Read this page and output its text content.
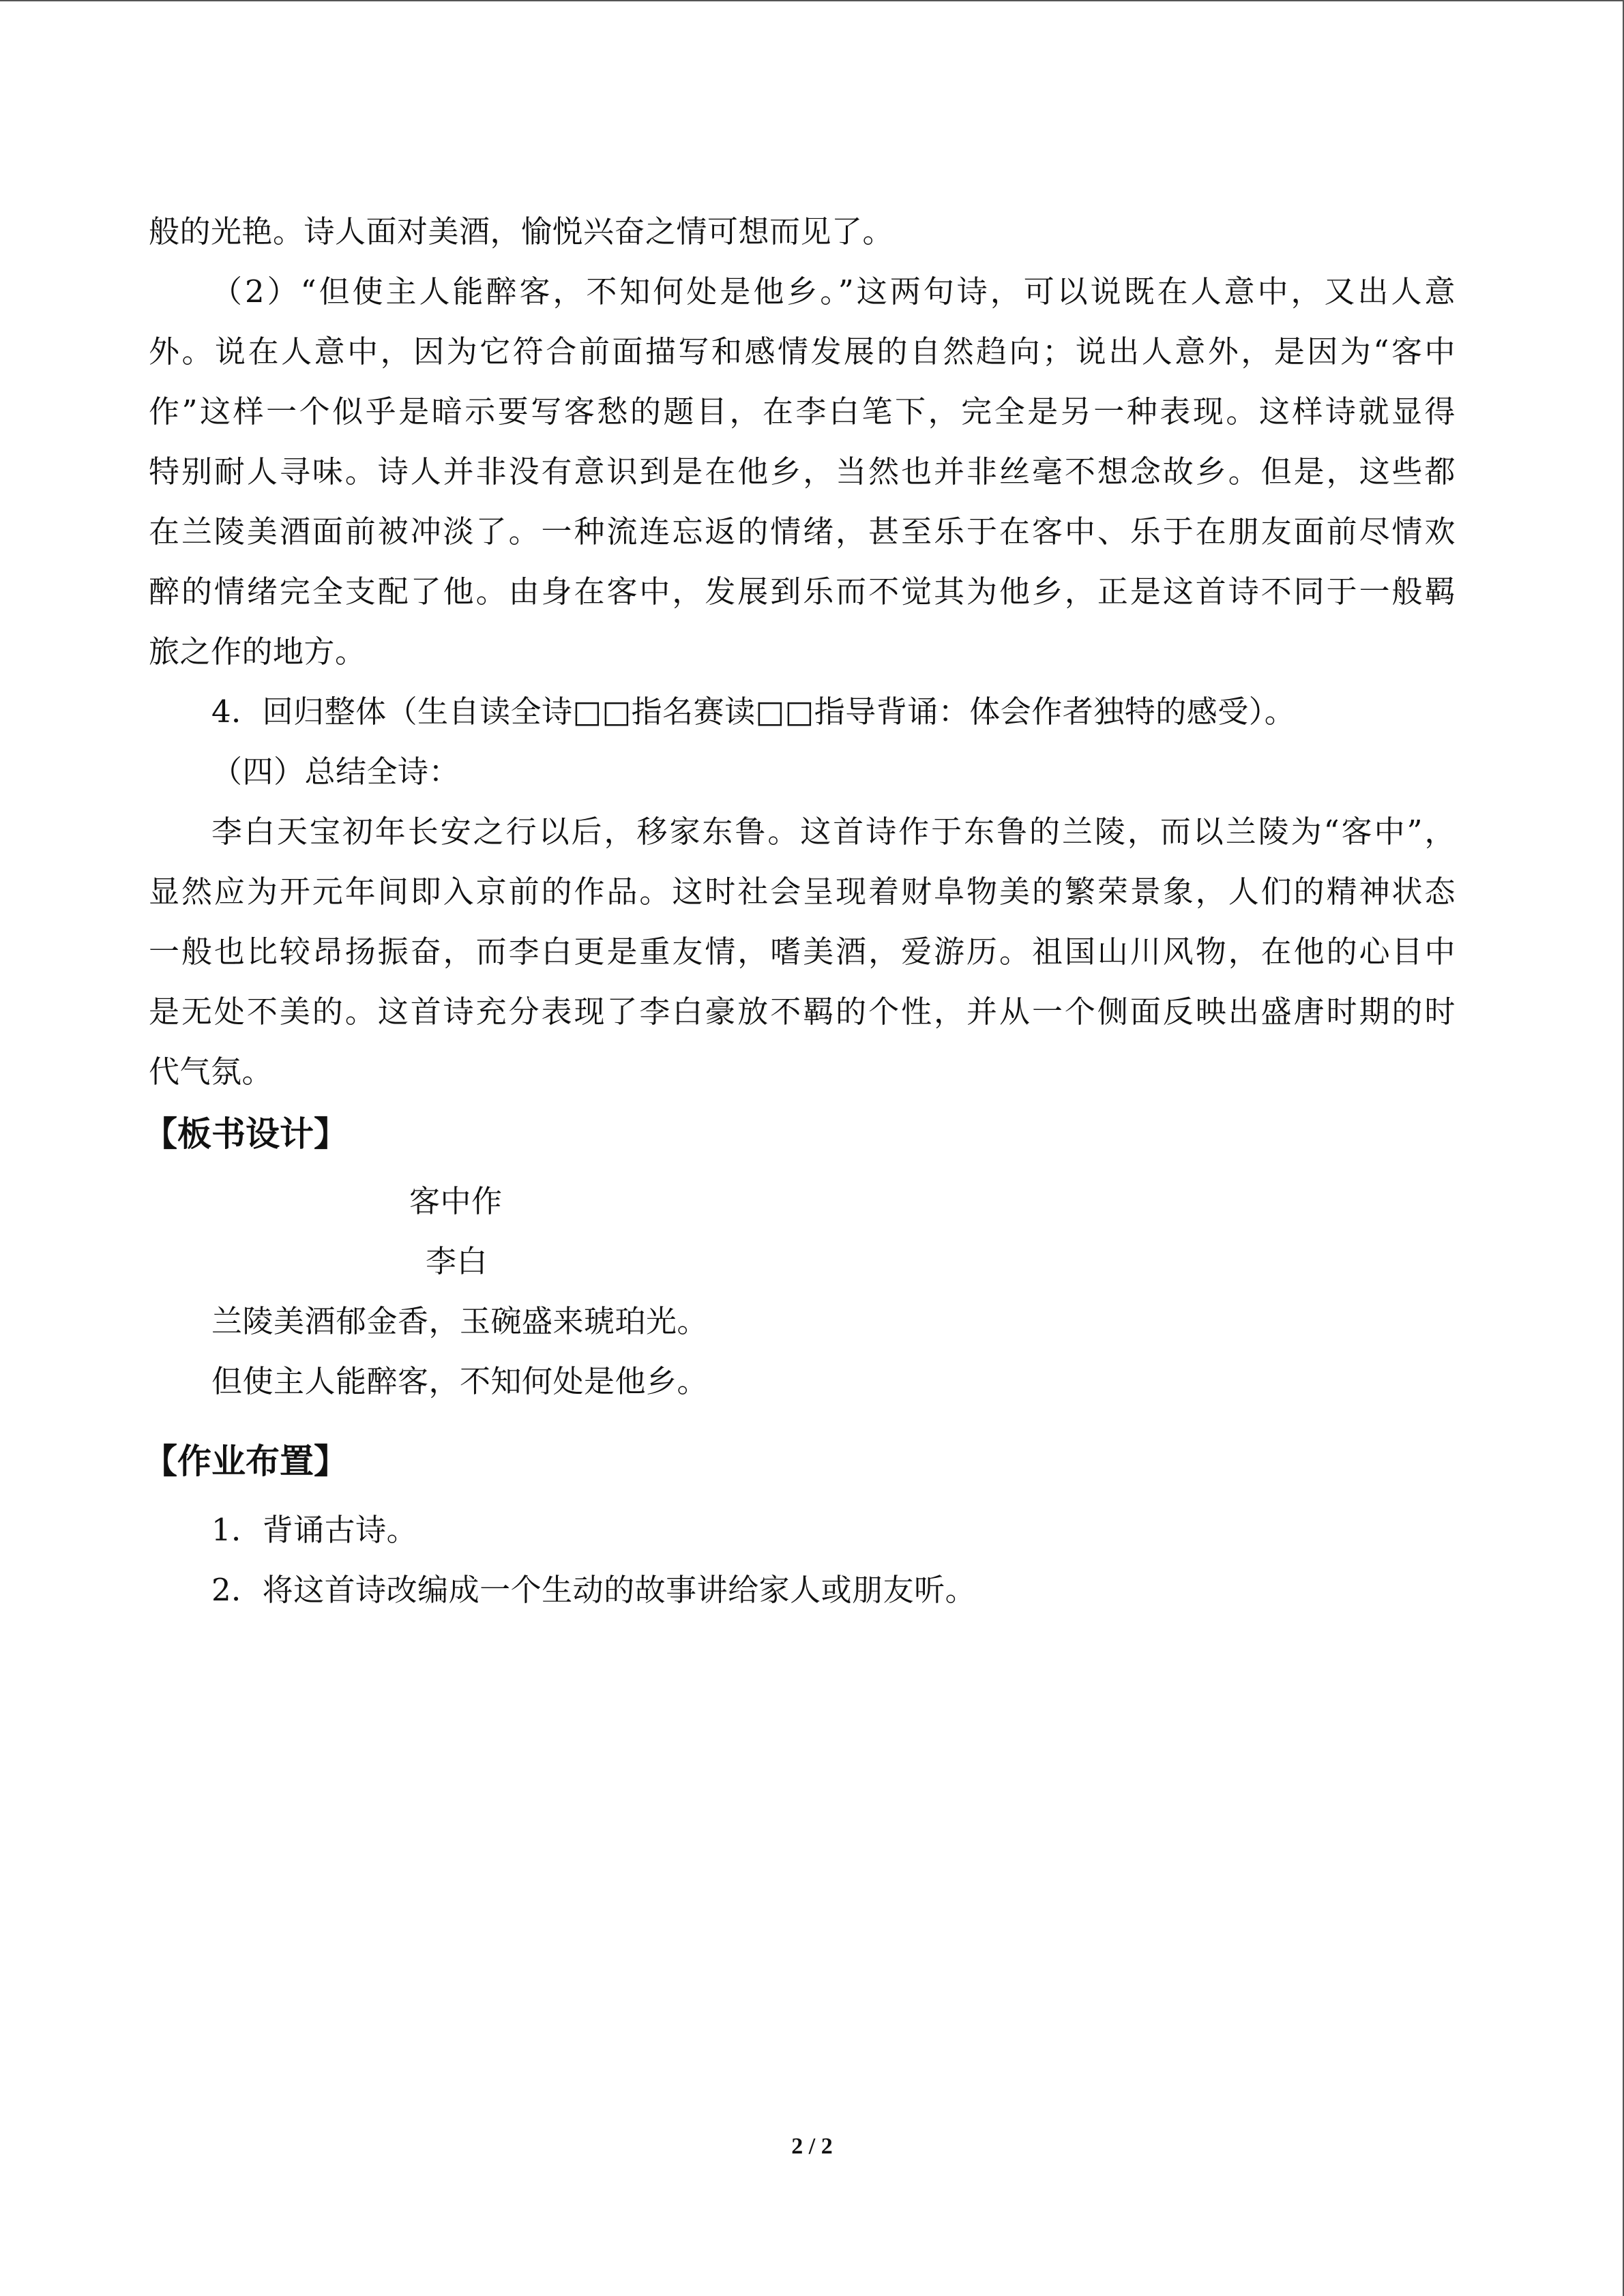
般的光艳。诗人面对美酒，愉悦兴奋之情可想而见了。
（2）“但使主人能醉客，不知何处是他乡。”这两句诗，可以说既在人意中，又出人意
外。说在人意中，因为它符合前面描写和感情发展的自然趋向；说出人意外，是因为“客中
作”这样一个似乎是暗示要写客愁的题目，在李白笔下，完全是另一种表现。这样诗就显得
特别耐人寻味。诗人并非没有意识到是在他乡，当然也并非丝毫不想念故乡。但是，这些都
在兰陵美酒面前被冲淡了。一种流连忘返的情绪，甚至乐于在客中、乐于在朋友面前尽情欢
醉的情绪完全支配了他。由身在客中，发展到乐而不觉其为他乡，正是这首诗不同于一般羁
旅之作的地方。
4．回归整体（生自读全诗□□指名赛读□□指导背诵：体会作者独特的感受）。
（四）总结全诗：
李白天宝初年长安之行以后，移家东鲁。这首诗作于东鲁的兰陵，而以兰陵为“客中”，
显然应为开元年间即入京前的作品。这时社会呈现着财阜物美的繁荣景象，人们的精神状态
一般也比较昂扬振奋，而李白更是重友情，嗜美酒，爱游历。祖国山川风物，在他的心目中
是无处不美的。这首诗充分表现了李白豪放不羁的个性，并从一个侧面反映出盛唐时期的时
代气氛。
【板书设计】
客中作
李白
兰陵美酒郁金香，玉碗盛来琥珀光。
但使主人能醉客，不知何处是他乡。
【作业布置】
1．背诵古诗。
2．将这首诗改编成一个生动的故事讲给家人或朋友听。
2 / 2
